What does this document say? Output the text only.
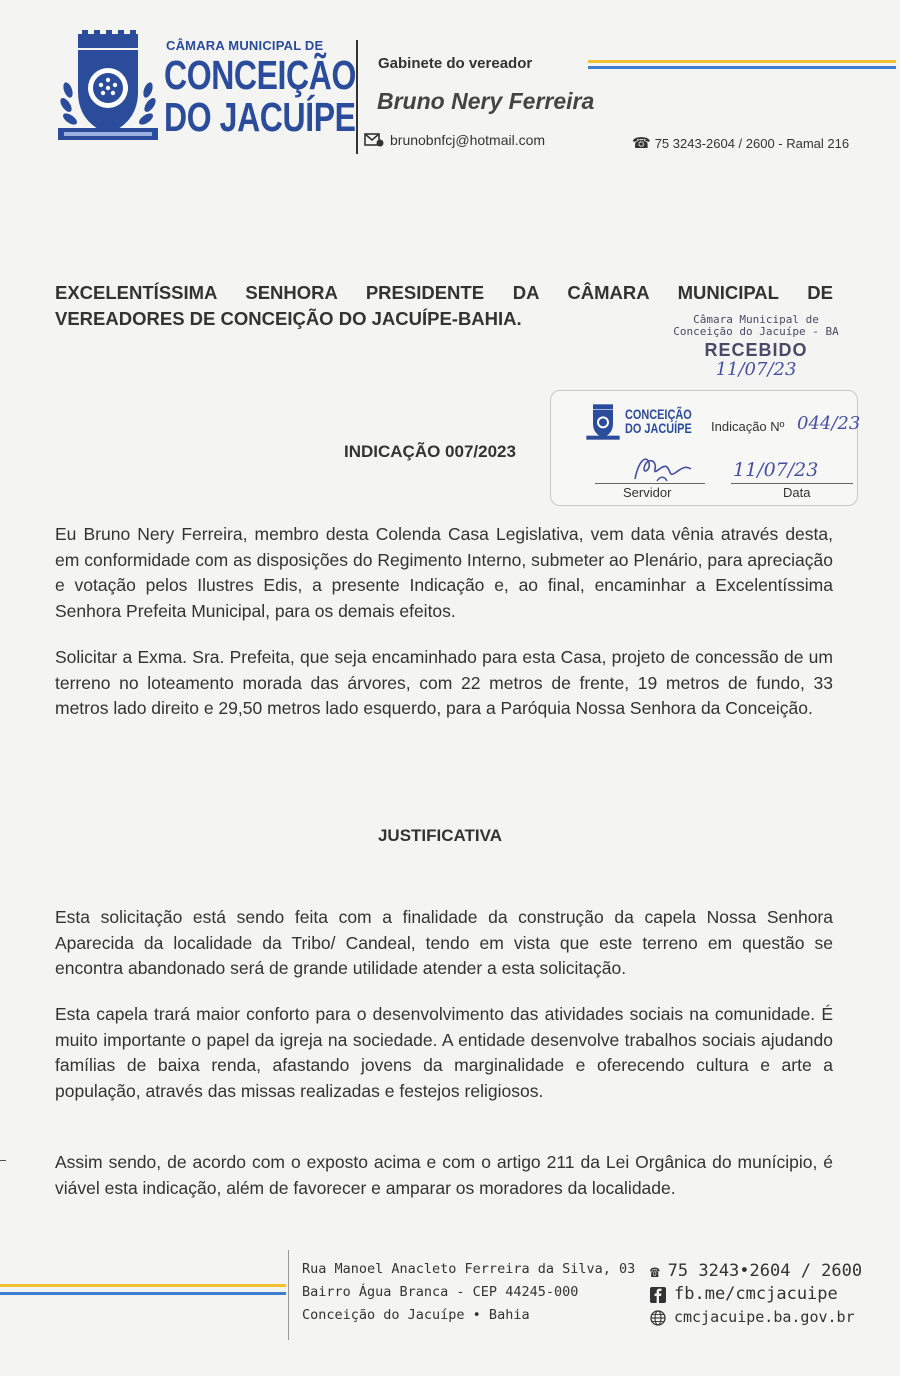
CÂMARA MUNICIPAL DE
CONCEIÇÃO
DO JACUÍPE
Gabinete do vereador
Bruno Nery Ferreira
brunobnfcj@hotmail.com	☎ 75 3243-2604 / 2600 - Ramal 216
EXCELENTÍSSIMA SENHORA PRESIDENTE DA CÂMARA MUNICIPAL DE
VEREADORES DE CONCEIÇÃO DO JACUÍPE-BAHIA.	Câmara Municipal de
Conceição do Jacuípe - BA
RECEBIDO
11/07/23
CONCEIÇÃO
DO JACUÍPE Indicação Nº 044/23
Servidor
11/07/23
Data
INDICAÇÃO 007/2023

Eu Bruno Nery Ferreira, membro desta Colenda Casa Legislativa, vem data vênia através desta, em conformidade com as disposições do Regimento Interno, submeter ao Plenário, para apreciação e votação pelos Ilustres Edis, a presente Indicação e, ao final, encaminhar a Excelentíssima Senhora Prefeita Municipal, para os demais efeitos.

Solicitar a Exma. Sra. Prefeita, que seja encaminhado para esta Casa, projeto de concessão de um terreno no loteamento morada das árvores, com 22 metros de frente, 19 metros de fundo, 33 metros lado direito e 29,50 metros lado esquerdo, para a Paróquia Nossa Senhora da Conceição.

JUSTIFICATIVA

Esta solicitação está sendo feita com a finalidade da construção da capela Nossa Senhora Aparecida da localidade da Tribo/ Candeal, tendo em vista que este terreno em questão se encontra abandonado será de grande utilidade atender a esta solicitação.

Esta capela trará maior conforto para o desenvolvimento das atividades sociais na comunidade. É muito importante o papel da igreja na sociedade. A entidade desenvolve trabalhos sociais ajudando famílias de baixa renda, afastando jovens da marginalidade e oferecendo cultura e arte a população, através das missas realizadas e festejos religiosos.

Assim sendo, de acordo com o exposto acima e com o artigo 211 da Lei Orgânica do munícipio, é viável esta indicação, além de favorecer e amparar os moradores da localidade.

Rua Manoel Anacleto Ferreira da Silva, 03
Bairro Água Branca - CEP 44245-000
Conceição do Jacuípe • Bahia
☎ 75 3243•2604 / 2600
fb.me/cmcjacuipe
cmcjacuipe.ba.gov.br
